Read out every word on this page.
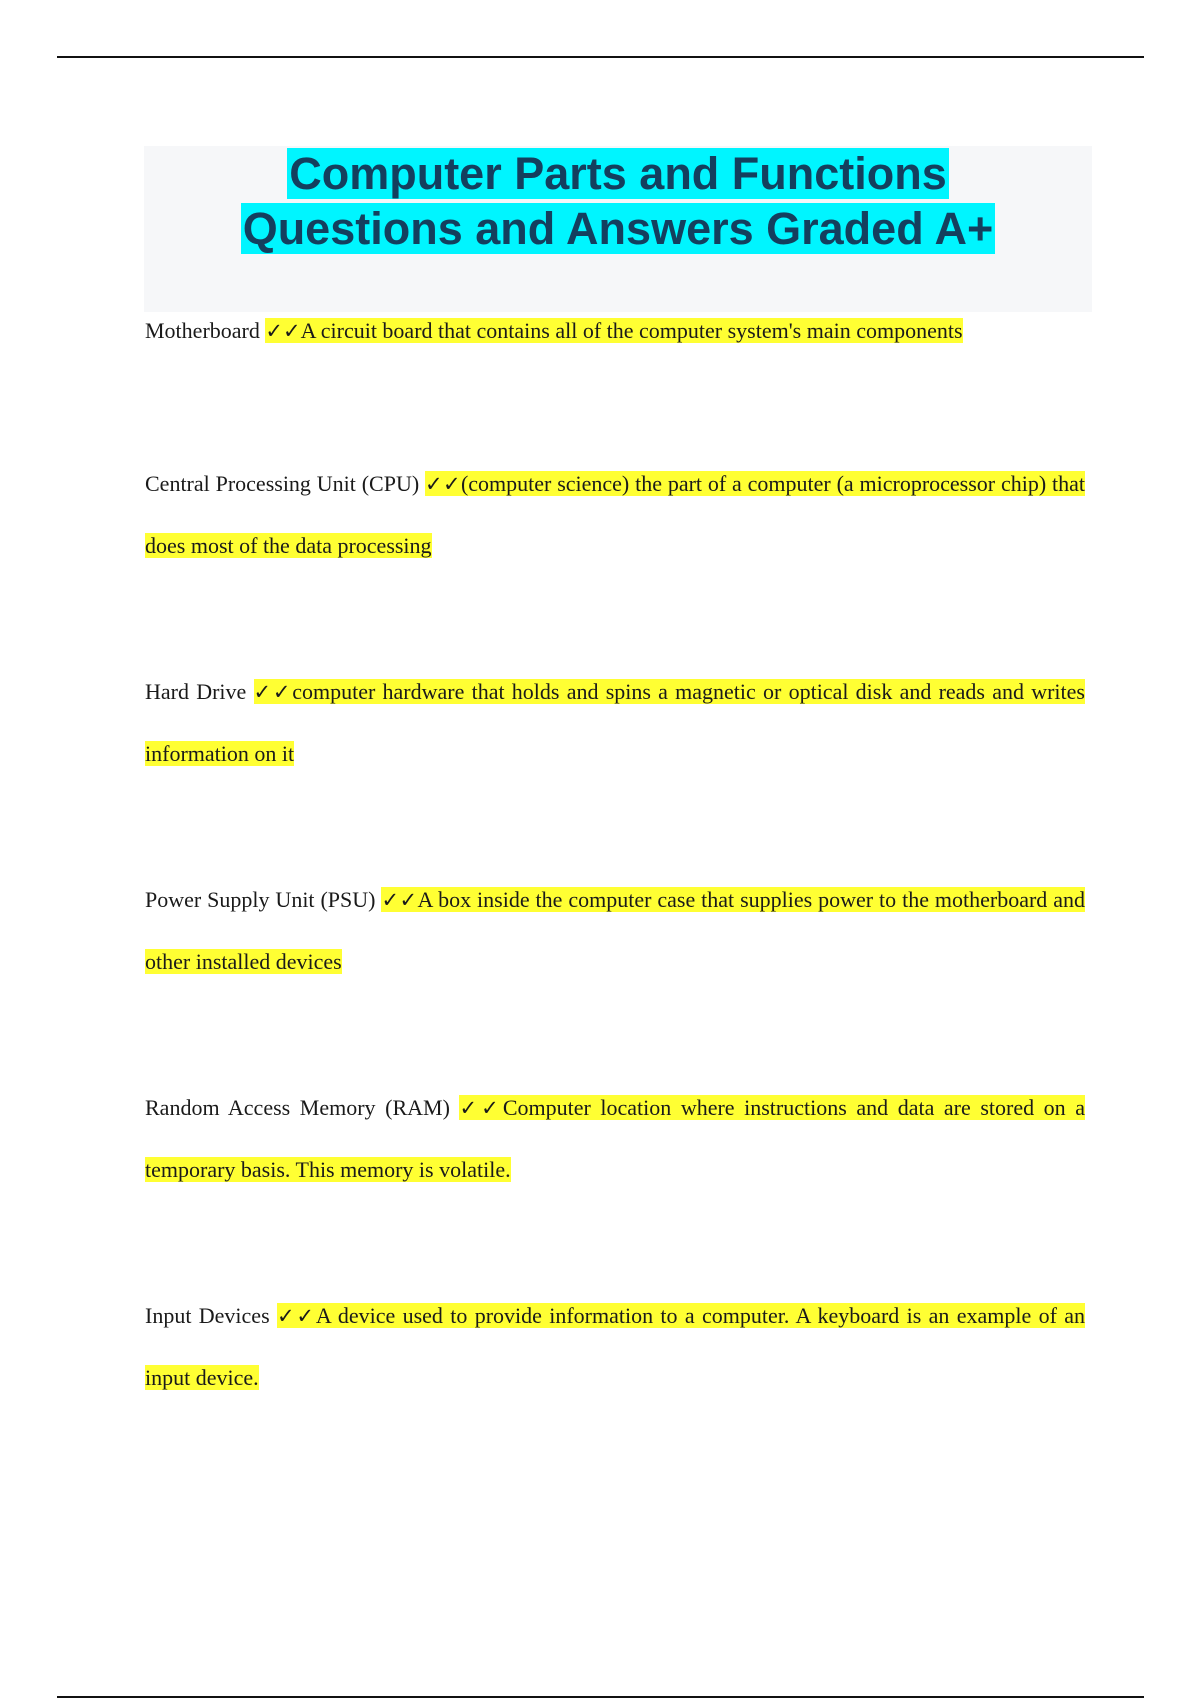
Computer Parts and Functions
Questions and Answers Graded A+

Motherboard ✓✓A circuit board that contains all of the computer system's main components

Central Processing Unit (CPU) ✓✓(computer science) the part of a computer (a microprocessor chip) that does most of the data processing

Hard Drive ✓✓computer hardware that holds and spins a magnetic or optical disk and reads and writes information on it

Power Supply Unit (PSU) ✓✓A box inside the computer case that supplies power to the motherboard and other installed devices

Random Access Memory (RAM) ✓✓Computer location where instructions and data are stored on a temporary basis. This memory is volatile.

Input Devices ✓✓A device used to provide information to a computer. A keyboard is an example of an input device.
